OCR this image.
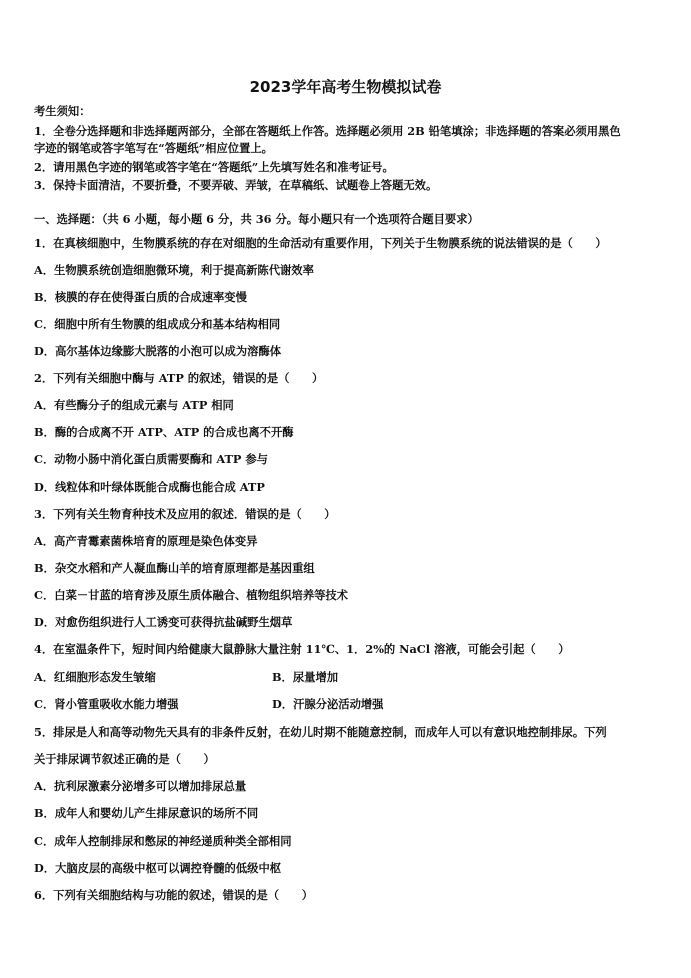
2023学年高考生物模拟试卷
考生须知：
1．全卷分选择题和非选择题两部分，全部在答题纸上作答。选择题必须用 2B 铅笔填涂；非选择题的答案必须用黑色
字迹的钢笔或答字笔写在“答题纸”相应位置上。
2．请用黑色字迹的钢笔或答字笔在“答题纸”上先填写姓名和准考证号。
3．保持卡面清洁，不要折叠，不要弄破、弄皱，在草稿纸、试题卷上答题无效。
一、选择题：（共 6 小题，每小题 6 分，共 36 分。每小题只有一个选项符合题目要求）
1．在真核细胞中，生物膜系统的存在对细胞的生命活动有重要作用，下列关于生物膜系统的说法错误的是（　　）
A．生物膜系统创造细胞微环境，利于提高新陈代谢效率
B．核膜的存在使得蛋白质的合成速率变慢
C．细胞中所有生物膜的组成成分和基本结构相同
D．高尔基体边缘膨大脱落的小泡可以成为溶酶体
2．下列有关细胞中酶与 ATP 的叙述，错误的是（　　）
A．有些酶分子的组成元素与 ATP 相同
B．酶的合成离不开 ATP、ATP 的合成也离不开酶
C．动物小肠中消化蛋白质需要酶和 ATP 参与
D．线粒体和叶绿体既能合成酶也能合成 ATP
3．下列有关生物育种技术及应用的叙述．错误的是（　　）
A．高产青霉素菌株培育的原理是染色体变异
B．杂交水稻和产人凝血酶山羊的培育原理都是基因重组
C．白菜－甘蓝的培育涉及原生质体融合、植物组织培养等技术
D．对愈伤组织进行人工诱变可获得抗盐碱野生烟草
4．在室温条件下，短时间内给健康大鼠静脉大量注射 11℃、1．2%的 NaCl 溶液，可能会引起（　　）
A．红细胞形态发生皱缩	B．尿量增加
C．肾小管重吸收水能力增强	D．汗腺分泌活动增强
5．排尿是人和高等动物先天具有的非条件反射，在幼儿时期不能随意控制，而成年人可以有意识地控制排尿。下列
关于排尿调节叙述正确的是（　　）
A．抗利尿激素分泌增多可以增加排尿总量
B．成年人和婴幼儿产生排尿意识的场所不同
C．成年人控制排尿和憋尿的神经递质种类全部相同
D．大脑皮层的高级中枢可以调控脊髓的低级中枢
6．下列有关细胞结构与功能的叙述，错误的是（　　）
